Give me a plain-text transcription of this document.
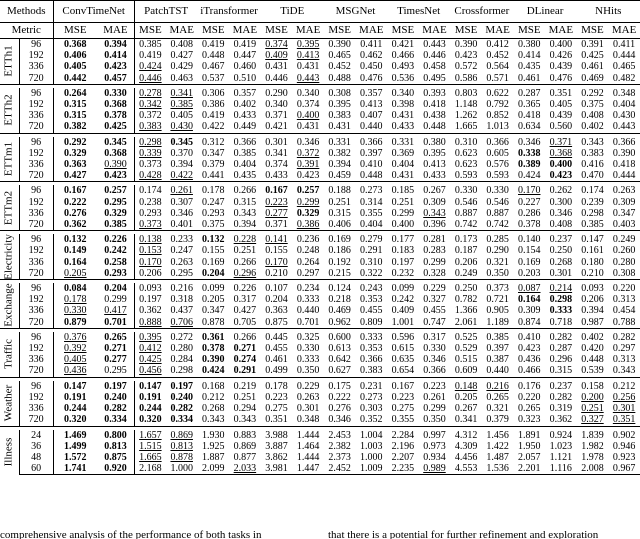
Methods		ConvTimeNet		PatchTST		iTransformer		TiDE		MSGNet		TimesNet		Crossformer		DLinear		NHits	
Metric		MSE	MAE	MSE	MAE	MSE	MAE	MSE	MAE	MSE	MAE	MSE	MAE	MSE	MAE	MSE	MAE	MSE	MAE

ETTh1	96	0.368	0.394	0.385	0.408	0.419	0.419	0.374	0.395	0.390	0.411	0.421	0.443	0.390	0.412	0.380	0.400	0.391	0.411
	192	0.406	0.414	0.419	0.427	0.448	0.447	0.409	0.413	0.465	0.462	0.466	0.446	0.423	0.452	0.414	0.426	0.425	0.444
	336	0.405	0.423	0.424	0.429	0.467	0.460	0.431	0.431	0.452	0.450	0.493	0.458	0.572	0.564	0.435	0.439	0.461	0.465
	720	0.442	0.457	0.446	0.463	0.537	0.510	0.446	0.443	0.488	0.476	0.536	0.495	0.586	0.571	0.461	0.476	0.469	0.482

ETTh2	96	0.264	0.330	0.278	0.341	0.306	0.357	0.290	0.340	0.308	0.357	0.340	0.393	0.803	0.622	0.287	0.351	0.292	0.348
	192	0.315	0.368	0.342	0.385	0.386	0.402	0.340	0.374	0.395	0.413	0.398	0.418	1.148	0.792	0.365	0.405	0.375	0.404
	336	0.315	0.378	0.372	0.405	0.419	0.433	0.371	0.400	0.383	0.407	0.431	0.438	1.262	0.852	0.418	0.439	0.408	0.430
	720	0.382	0.425	0.383	0.430	0.422	0.449	0.421	0.431	0.431	0.440	0.433	0.448	1.665	1.013	0.634	0.560	0.402	0.443

ETTm1	96	0.292	0.345	0.298	0.345	0.312	0.366	0.301	0.346	0.331	0.366	0.331	0.380	0.310	0.366	0.346	0.371	0.343	0.366
	192	0.329	0.368	0.339	0.370	0.347	0.385	0.341	0.372	0.382	0.397	0.369	0.395	0.623	0.605	0.338	0.368	0.383	0.390
	336	0.363	0.390	0.373	0.394	0.379	0.404	0.374	0.391	0.394	0.410	0.404	0.413	0.623	0.576	0.389	0.400	0.416	0.418
	720	0.427	0.423	0.428	0.422	0.441	0.435	0.433	0.423	0.459	0.448	0.431	0.433	0.593	0.593	0.424	0.423	0.470	0.444

ETTm2	96	0.167	0.257	0.174	0.261	0.178	0.266	0.167	0.257	0.188	0.273	0.185	0.267	0.330	0.330	0.170	0.262	0.174	0.263
	192	0.222	0.295	0.238	0.307	0.247	0.315	0.223	0.299	0.251	0.314	0.251	0.309	0.546	0.546	0.227	0.300	0.239	0.309
	336	0.276	0.329	0.293	0.346	0.293	0.343	0.277	0.329	0.315	0.355	0.299	0.343	0.887	0.887	0.286	0.346	0.298	0.347
	720	0.362	0.385	0.373	0.401	0.375	0.394	0.371	0.386	0.406	0.404	0.400	0.396	0.742	0.742	0.378	0.408	0.385	0.403

Electricity	96	0.132	0.226	0.138	0.233	0.132	0.228	0.141	0.236	0.169	0.279	0.177	0.281	0.173	0.285	0.140	0.237	0.147	0.249
	192	0.149	0.242	0.153	0.247	0.155	0.251	0.155	0.248	0.186	0.291	0.183	0.283	0.187	0.290	0.154	0.250	0.161	0.260
	336	0.164	0.258	0.170	0.263	0.169	0.266	0.170	0.264	0.192	0.310	0.197	0.299	0.206	0.321	0.169	0.268	0.180	0.280
	720	0.205	0.293	0.206	0.295	0.204	0.296	0.210	0.297	0.215	0.322	0.232	0.328	0.249	0.350	0.203	0.301	0.210	0.308

Exchange	96	0.084	0.204	0.093	0.216	0.099	0.226	0.107	0.234	0.124	0.243	0.099	0.229	0.250	0.373	0.087	0.214	0.093	0.220
	192	0.178	0.299	0.197	0.318	0.205	0.317	0.204	0.333	0.218	0.353	0.242	0.327	0.782	0.721	0.164	0.298	0.206	0.313
	336	0.330	0.417	0.362	0.437	0.347	0.427	0.363	0.440	0.469	0.455	0.409	0.455	1.366	0.905	0.309	0.333	0.394	0.454
	720	0.879	0.701	0.888	0.706	0.878	0.705	0.875	0.701	0.962	0.809	1.001	0.747	2.061	1.189	0.874	0.718	0.987	0.788

Traffic	96	0.376	0.265	0.395	0.272	0.361	0.266	0.445	0.325	0.600	0.333	0.596	0.317	0.525	0.385	0.410	0.282	0.402	0.282
	192	0.392	0.271	0.412	0.280	0.378	0.271	0.455	0.330	0.613	0.353	0.615	0.330	0.529	0.397	0.423	0.287	0.420	0.297
	336	0.405	0.277	0.425	0.284	0.390	0.274	0.461	0.333	0.642	0.366	0.635	0.346	0.515	0.387	0.436	0.296	0.448	0.313
	720	0.436	0.295	0.456	0.298	0.424	0.291	0.499	0.350	0.627	0.383	0.654	0.366	0.609	0.440	0.466	0.315	0.539	0.343

Weather	96	0.147	0.197	0.147	0.197	0.168	0.219	0.178	0.229	0.175	0.231	0.167	0.223	0.148	0.216	0.176	0.237	0.158	0.212
	192	0.191	0.240	0.191	0.240	0.212	0.251	0.223	0.263	0.222	0.273	0.223	0.261	0.205	0.265	0.220	0.282	0.200	0.256
	336	0.244	0.282	0.244	0.282	0.268	0.294	0.275	0.301	0.276	0.303	0.275	0.299	0.267	0.321	0.265	0.319	0.251	0.301
	720	0.320	0.334	0.320	0.334	0.343	0.343	0.351	0.348	0.346	0.352	0.355	0.350	0.341	0.379	0.323	0.362	0.327	0.351

Illness	24	1.469	0.800	1.657	0.869	1.930	0.883	3.988	1.444	2.453	1.004	2.284	0.997	4.312	1.456	1.891	0.924	1.839	0.902
	36	1.499	0.813	1.515	0.813	1.925	0.869	3.887	1.464	2.382	1.003	2.196	0.973	4.309	1.422	1.950	1.023	1.982	0.946
	48	1.572	0.875	1.665	0.878	1.887	0.877	3.862	1.444	2.373	1.000	2.207	0.934	4.456	1.487	2.057	1.121	1.978	0.923
	60	1.741	0.920	2.168	1.000	2.099	2.033	3.981	1.447	2.452	1.009	2.235	0.989	4.553	1.536	2.201	1.116	2.008	0.967
comprehensive analysis of the performance of both tasks in	that there is a potential for further refinement and exploration
